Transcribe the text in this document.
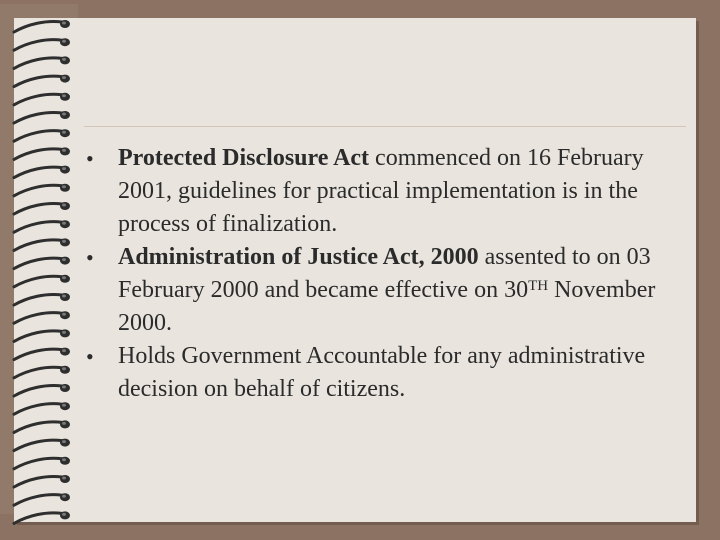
• Protected Disclosure Act commenced on 16 February 2001, guidelines for practical implementation is in the process of finalization.
• Administration of Justice Act, 2000 assented to on 03 February 2000 and became effective on 30TH November 2000.
• Holds Government Accountable for any administrative decision on behalf of citizens.
